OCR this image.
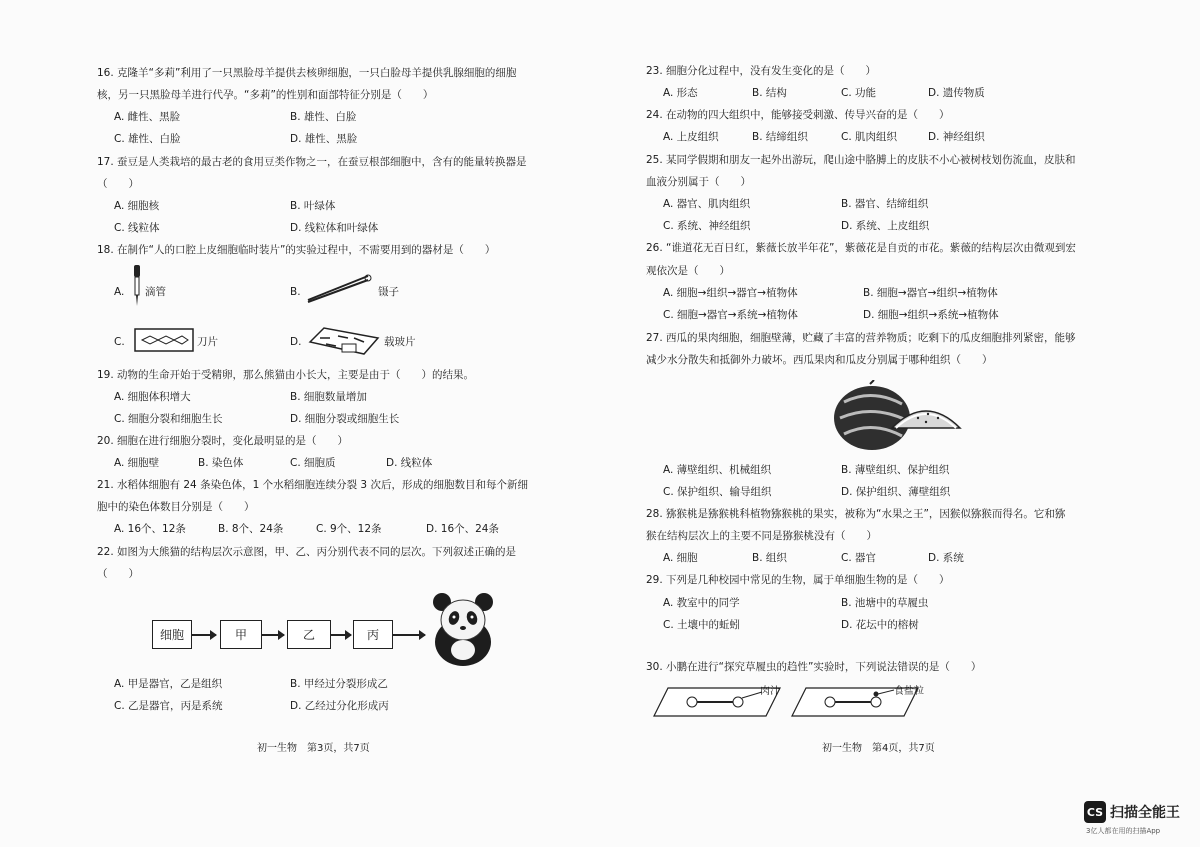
16. 克隆羊“多莉”利用了一只黑脸母羊提供去核卵细胞，一只白脸母羊提供乳腺细胞的细胞
核，另一只黑脸母羊进行代孕。“多莉”的性别和面部特征分别是（　　）
A. 雌性、黑脸	B. 雄性、白脸
C. 雄性、白脸	D. 雄性、黑脸
17. 蚕豆是人类栽培的最古老的食用豆类作物之一，在蚕豆根部细胞中，含有的能量转换器是
（　　）
A. 细胞核	B. 叶绿体
C. 线粒体	D. 线粒体和叶绿体
18. 在制作“人的口腔上皮细胞临时装片”的实验过程中，不需要用到的器材是（　　）
A. 滴管	B.	镊子
C.	刀片	D.	载玻片
19. 动物的生命开始于受精卵，那么熊猫由小长大，主要是由于（　　）的结果。
A. 细胞体积增大	B. 细胞数量增加
C. 细胞分裂和细胞生长	D. 细胞分裂或细胞生长
20. 细胞在进行细胞分裂时，变化最明显的是（　　）
A. 细胞壁	B. 染色体	C. 细胞质	D. 线粒体
21. 水稻体细胞有 24 条染色体，1 个水稻细胞连续分裂 3 次后，形成的细胞数目和每个新细
胞中的染色体数目分别是（　　）
A. 16个、12条	B. 8个、24条	C. 9个、12条	D. 16个、24条
22. 如图为大熊猫的结构层次示意图，甲、乙、丙分别代表不同的层次。下列叙述正确的是
（　　）
细胞	甲	乙	丙
A. 甲是器官，乙是组织	B. 甲经过分裂形成乙
C. 乙是器官，丙是系统	D. 乙经过分化形成丙
初一生物　第3页，共7页
23. 细胞分化过程中，没有发生变化的是（　　）
A. 形态	B. 结构	C. 功能	D. 遗传物质
24. 在动物的四大组织中，能够接受刺激、传导兴奋的是（　　）
A. 上皮组织	B. 结缔组织	C. 肌肉组织	D. 神经组织
25. 某同学假期和朋友一起外出游玩，爬山途中胳膊上的皮肤不小心被树枝划伤流血，皮肤和
血液分别属于（　　）
A. 器官、肌肉组织	B. 器官、结缔组织
C. 系统、神经组织	D. 系统、上皮组织
26. “谁道花无百日红，紫薇长放半年花”，紫薇花是自贡的市花。紫薇的结构层次由微观到宏
观依次是（　　）
A. 细胞→组织→器官→植物体	B. 细胞→器官→组织→植物体
C. 细胞→器官→系统→植物体	D. 细胞→组织→系统→植物体
27. 西瓜的果肉细胞，细胞壁薄，贮藏了丰富的营养物质；吃剩下的瓜皮细胞排列紧密，能够
减少水分散失和抵御外力破坏。西瓜果肉和瓜皮分别属于哪种组织（　　）
A. 薄壁组织、机械组织	B. 薄壁组织、保护组织
C. 保护组织、输导组织	D. 保护组织、薄壁组织
28. 猕猴桃是猕猴桃科植物猕猴桃的果实，被称为“水果之王”，因猴似猕猴而得名。它和猕
猴在结构层次上的主要不同是猕猴桃没有（　　）
A. 细胞	B. 组织	C. 器官	D. 系统
29. 下列是几种校园中常见的生物，属于单细胞生物的是（　　）
A. 教室中的同学	B. 池塘中的草履虫
C. 土壤中的蚯蚓	D. 花坛中的榕树
30. 小鹏在进行“探究草履虫的趋性”实验时，下列说法错误的是（　　）
肉汁	食盐粒
初一生物　第4页，共7页
CS 扫描全能王
3亿人都在用的扫描App
